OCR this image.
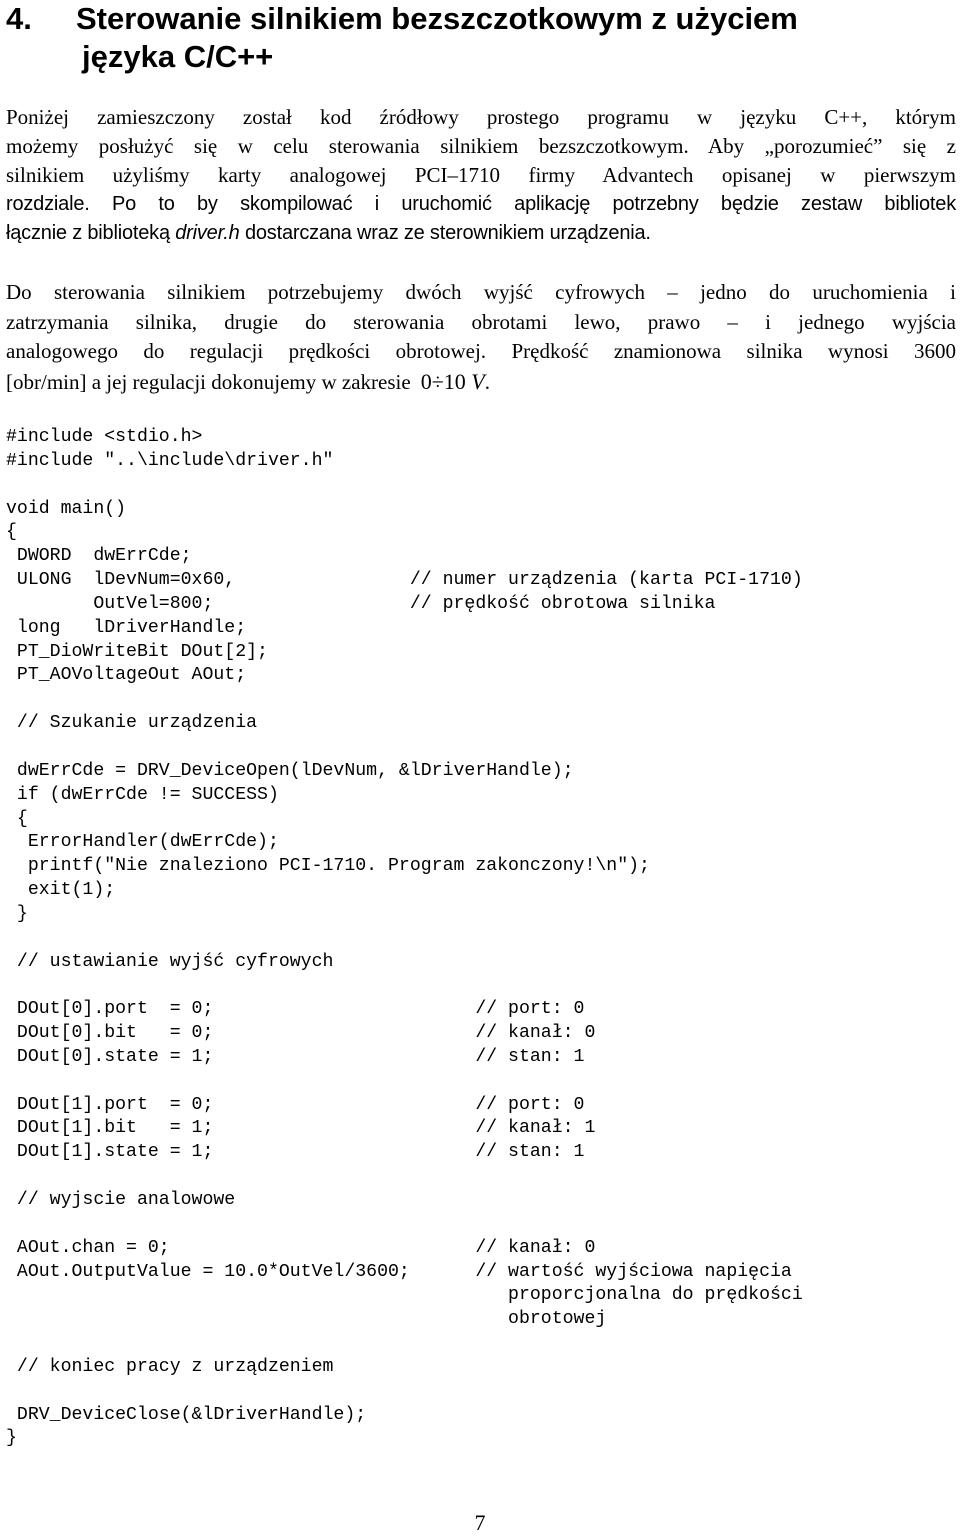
4. Sterowanie silnikiem bezszczotkowym z użyciem
języka C/C++

Poniżej zamieszczony został kod źródłowy prostego programu w języku C++, którym
możemy posłużyć się w celu sterowania silnikiem bezszczotkowym. Aby „porozumieć” się z
silnikiem użyliśmy karty analogowej PCI–1710 firmy Advantech opisanej w pierwszym
rozdziale. Po to by skompilować i uruchomić aplikację potrzebny będzie zestaw bibliotek
łącznie z biblioteką driver.h dostarczana wraz ze sterownikiem urządzenia.

Do sterowania silnikiem potrzebujemy dwóch wyjść cyfrowych – jedno do uruchomienia i
zatrzymania silnika, drugie do sterowania obrotami lewo, prawo – i jednego wyjścia
analogowego do regulacji prędkości obrotowej. Prędkość znamionowa silnika wynosi 3600
[obr/min] a jej regulacji dokonujemy w zakresie 0÷10 V.

#include <stdio.h>
#include "..\include\driver.h"
void main()
{
DWORD  dwErrCde;
ULONG  lDevNum=0x60,                // numer urządzenia (karta PCI-1710)
OutVel=800;                  // prędkość obrotowa silnika
long   lDriverHandle;
PT_DioWriteBit DOut[2];
PT_AOVoltageOut AOut;
// Szukanie urządzenia
dwErrCde = DRV_DeviceOpen(lDevNum, &lDriverHandle);
if (dwErrCde != SUCCESS)
{
ErrorHandler(dwErrCde);
printf("Nie znaleziono PCI-1710. Program zakonczony!\n");
exit(1);
}
// ustawianie wyjść cyfrowych
DOut[0].port  = 0;                        // port: 0
DOut[0].bit   = 0;                        // kanał: 0
DOut[0].state = 1;                        // stan: 1
DOut[1].port  = 0;                        // port: 0
DOut[1].bit   = 1;                        // kanał: 1
DOut[1].state = 1;                        // stan: 1
// wyjscie analowowe
AOut.chan = 0;                            // kanał: 0
AOut.OutputValue = 10.0*OutVel/3600;      // wartość wyjściowa napięcia
proporcjonalna do prędkości
obrotowej
// koniec pracy z urządzeniem
DRV_DeviceClose(&lDriverHandle);
}
7
